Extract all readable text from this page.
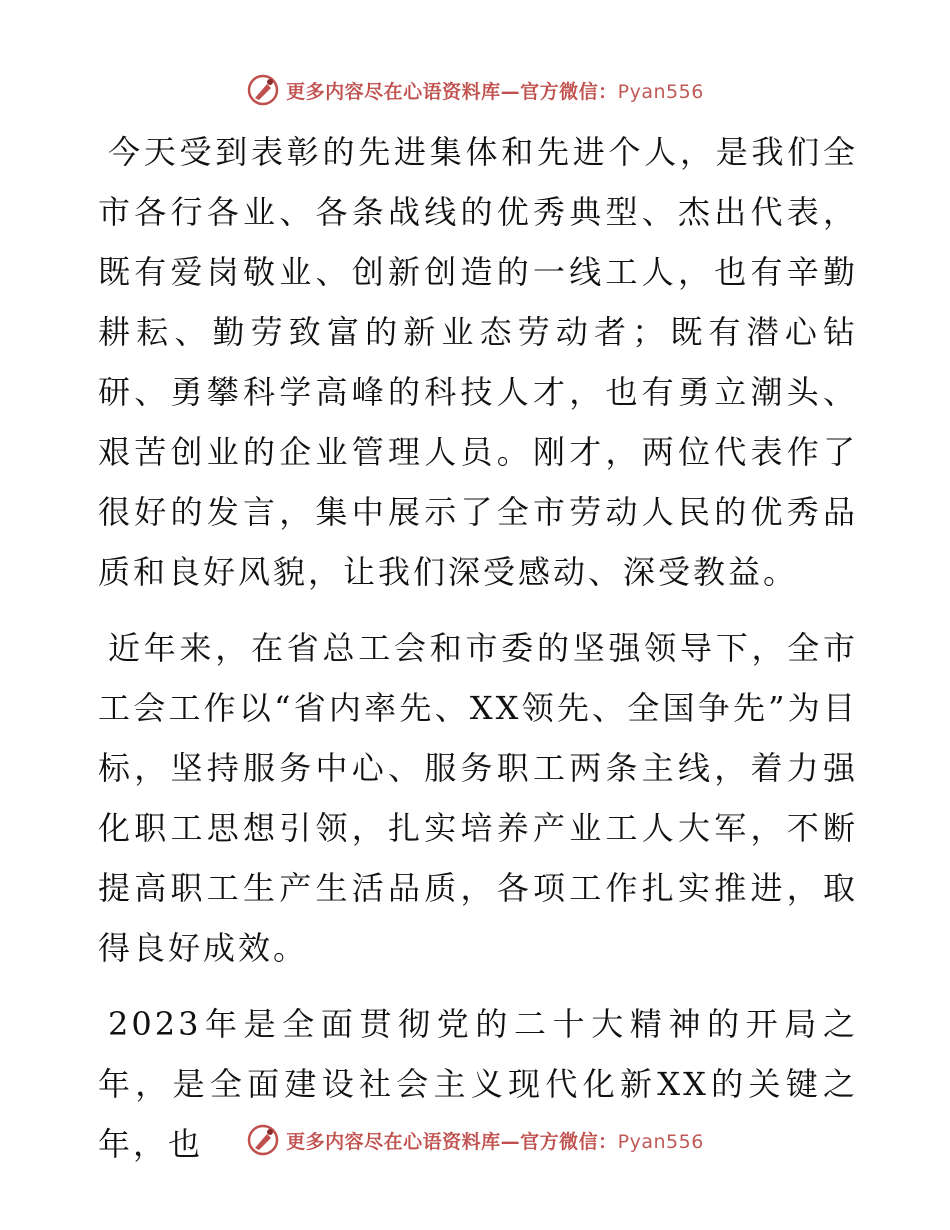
更多内容尽在心语资料库—官方微信：Pyan556

今天受到表彰的先进集体和先进个人，是我们全市各行各业、各条战线的优秀典型、杰出代表，既有爱岗敬业、创新创造的一线工人，也有辛勤耕耘、勤劳致富的新业态劳动者；既有潜心钻研、勇攀科学高峰的科技人才，也有勇立潮头、艰苦创业的企业管理人员。刚才，两位代表作了很好的发言，集中展示了全市劳动人民的优秀品质和良好风貌，让我们深受感动、深受教益。

近年来，在省总工会和市委的坚强领导下，全市工会工作以“省内率先、XX领先、全国争先”为目标，坚持服务中心、服务职工两条主线，着力强化职工思想引领，扎实培养产业工人大军，不断提高职工生产生活品质，各项工作扎实推进，取得良好成效。

2023年是全面贯彻党的二十大精神的开局之年，是全面建设社会主义现代化新XX的关键之年，也	更多内容尽在心语资料库—官方微信：Pyan556
